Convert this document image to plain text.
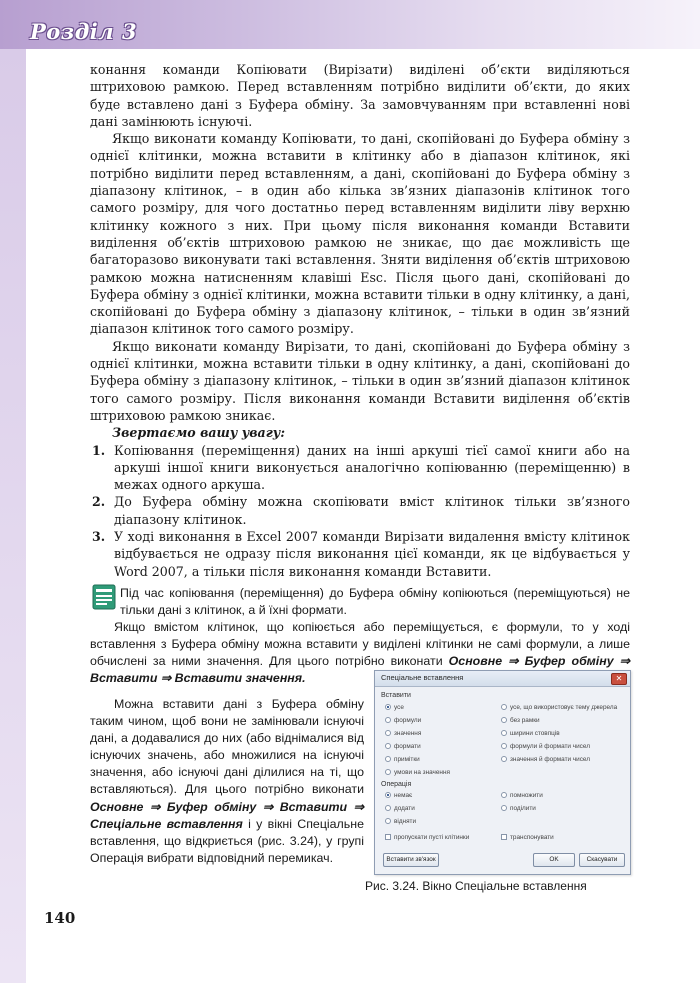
Розділ 3

конання команди Копіювати (Вирізати) виділені об’єкти виділяються штриховою рамкою. Перед вставленням потрібно виділити об’єкти, до яких буде вставлено дані з Буфера обміну. За замовчуванням при вставленні нові дані замінюють існуючі.

Якщо виконати команду Копіювати, то дані, скопійовані до Буфера обміну з однієї клітинки, можна вставити в клітинку або в діапазон клітинок, які потрібно виділити перед вставленням, а дані, скопійовані до Буфера обміну з діапазону клітинок, – в один або кілька зв’язних діапазонів клітинок того самого розміру, для чого достатньо перед вставленням виділити ліву верхню клітинку кожного з них. При цьому після виконання команди Вставити виділення об’єктів штриховою рамкою не зникає, що дає можливість ще багаторазово виконувати такі вставлення. Зняти виділення об’єктів штриховою рамкою можна натисненням клавіші Esc. Після цього дані, скопійовані до Буфера обміну з однієї клітинки, можна вставити тільки в одну клітинку, а дані, скопійовані до Буфера обміну з діапазону клітинок, – тільки в один зв’язний діапазон клітинок того самого розміру.

Якщо виконати команду Вирізати, то дані, скопійовані до Буфера обміну з однієї клітинки, можна вставити тільки в одну клітинку, а дані, скопійовані до Буфера обміну з діапазону клітинок, – тільки в один зв’язний діапазон клітинок того самого розміру. Після виконання команди Вставити виділення об’єктів штриховою рамкою зникає.

Звертаємо вашу увагу:

1. Копіювання (переміщення) даних на інші аркуші тієї самої книги або на аркуші іншої книги виконується аналогічно копіюванню (переміщенню) в межах одного аркуша.
2. До Буфера обміну можна скопіювати вміст клітинок тільки зв’язного діапазону клітинок.
3. У ході виконання в Excel 2007 команди Вирізати видалення вмісту клітинок відбувається не одразу після виконання цієї команди, як це відбувається у Word 2007, а тільки після виконання команди Вставити.

Під час копіювання (переміщення) до Буфера обміну копіюються (переміщуються) не тільки дані з клітинок, а й їхні формати.

Якщо вмістом клітинок, що копіюється або переміщується, є формули, то у ході вставлення з Буфера обміну можна вставити у виділені клітинки не самі формули, а лише обчислені за ними значення. Для цього потрібно виконати Основне ⇒ Буфер обміну ⇒ Вставити ⇒ Вставити значення.

Можна вставити дані з Буфера обміну таким чином, щоб вони не замінювали існуючі дані, а додавалися до них (або віднімалися від існуючих значень, або множилися на існуючі значення, або існуючі дані ділилися на ті, що вставляються). Для цього потрібно виконати Основне ⇒ Буфер обміну ⇒ Вставити ⇒ Спеціальне вставлення і у вікні Спеціальне вставлення, що відкриється (рис. 3.24), у групі Операція вибрати відповідний перемикач.

Спеціальне вставлення	✕
Вставити
усе
формули
значення
формати
примітки
умови на значення
усе, що використовує тему джерела
без рамки
ширини стовпців
формули й формати чисел
значення й формати чисел
Операція
немає
додати
відняти
помножити
поділити
пропускати пусті клітинки	транспонувати
Вставити зв'язок	OK	Скасувати
Рис. 3.24. Вікно Спеціальне вставлення
140
